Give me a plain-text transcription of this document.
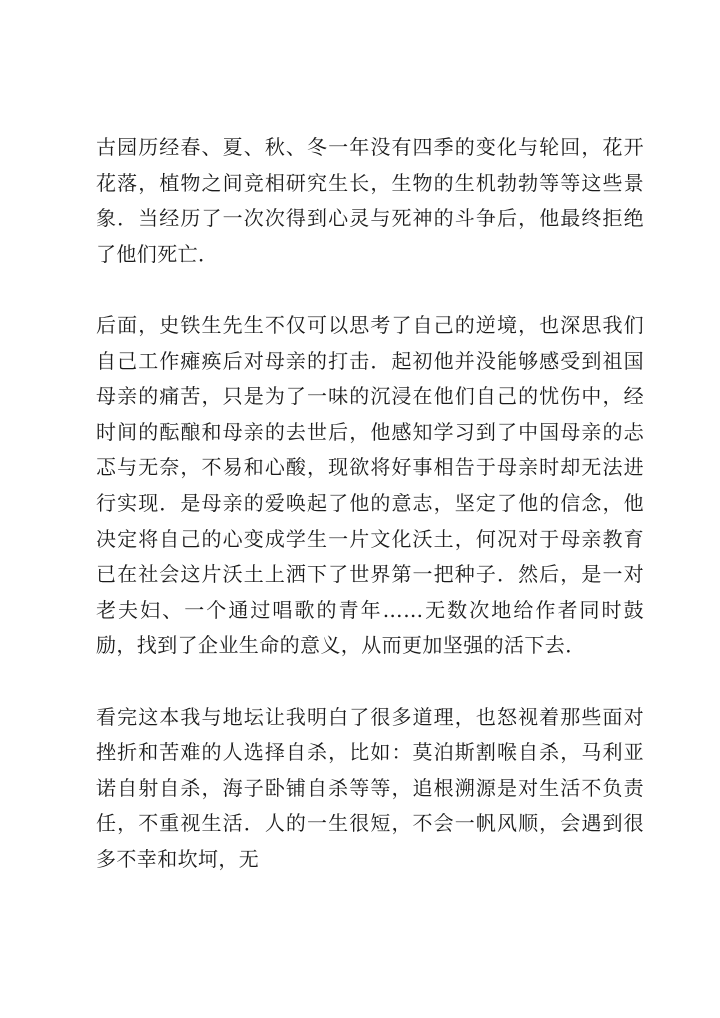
古园历经春、夏、秋、冬一年没有四季的变化与轮回，花开花落，植物之间竞相研究生长，生物的生机勃勃等等这些景象．当经历了一次次得到心灵与死神的斗争后，他最终拒绝了他们死亡．

后面，史铁生先生不仅可以思考了自己的逆境，也深思我们自己工作瘫痪后对母亲的打击．起初他并没能够感受到祖国母亲的痛苦，只是为了一味的沉浸在他们自己的忧伤中，经时间的酝酿和母亲的去世后，他感知学习到了中国母亲的忐忑与无奈，不易和心酸，现欲将好事相告于母亲时却无法进行实现．是母亲的爱唤起了他的意志，坚定了他的信念，他决定将自己的心变成学生一片文化沃土，何况对于母亲教育已在社会这片沃土上洒下了世界第一把种子．然后，是一对老夫妇、一个通过唱歌的青年……无数次地给作者同时鼓励，找到了企业生命的意义，从而更加坚强的活下去．

看完这本我与地坛让我明白了很多道理，也怒视着那些面对挫折和苦难的人选择自杀，比如：莫泊斯割喉自杀，马利亚诺自射自杀，海子卧铺自杀等等，追根溯源是对生活不负责任，不重视生活．人的一生很短，不会一帆风顺，会遇到很多不幸和坎坷，无
